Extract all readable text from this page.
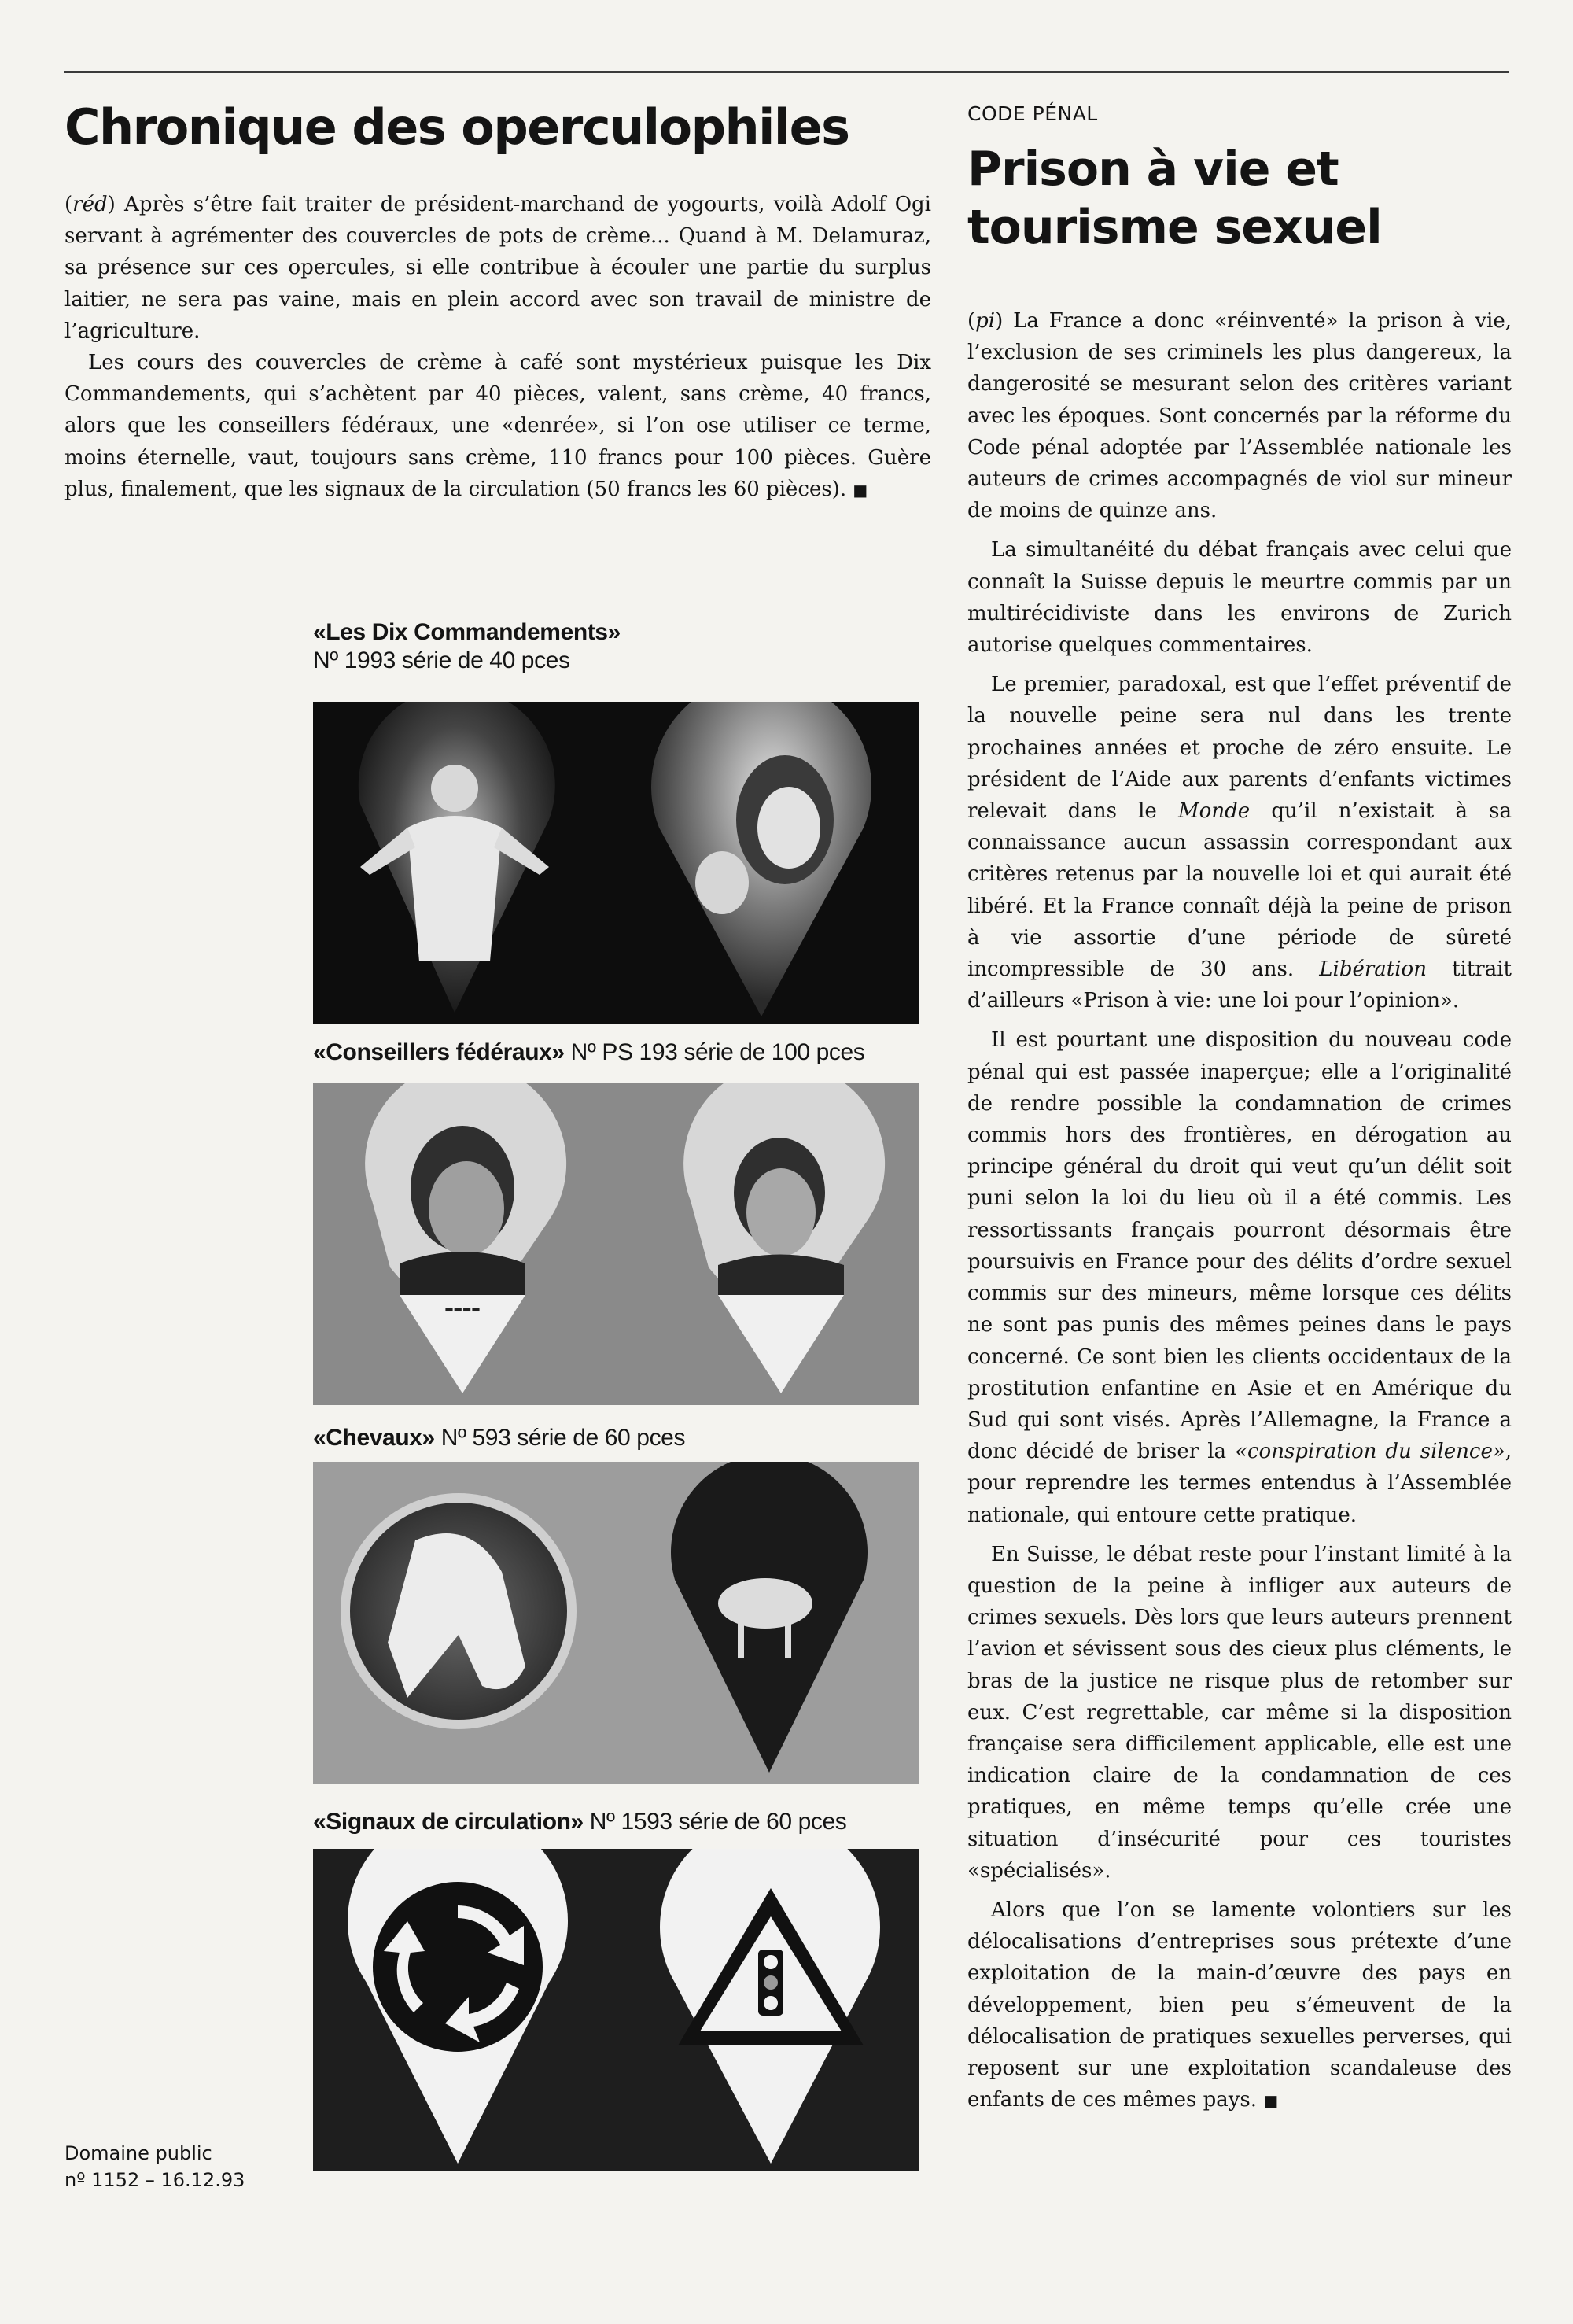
Chronique des operculophiles

(réd) Après s’être fait traiter de président-marchand de yogourts, voilà Adolf Ogi servant à agrémenter des couvercles de pots de crème... Quand à M. Delamuraz, sa présence sur ces opercules, si elle contribue à écouler une partie du surplus laitier, ne sera pas vaine, mais en plein accord avec son travail de ministre de l’agriculture.

Les cours des couvercles de crème à café sont mystérieux puisque les Dix Commandements, qui s’achètent par 40 pièces, valent, sans crème, 40 francs, alors que les conseillers fédéraux, une «denrée», si l’on ose utiliser ce terme, moins éternelle, vaut, toujours sans crème, 110 francs pour 100 pièces. Guère plus, finalement, que les signaux de la circulation (50 francs les 60 pièces). ■

«Les Dix Commandements»
Nº 1993 série de 40 pces
«Conseillers fédéraux» Nº PS 193 série de 100 pces
▬▬▬▬
«Chevaux» Nº 593 série de 60 pces
«Signaux de circulation» Nº 1593 série de 60 pces
Domaine public
nº 1152 – 16.12.93
CODE PÉNAL
Prison à vie et
tourisme sexuel

(pi) La France a donc «réinventé» la prison à vie, l’exclusion de ses criminels les plus dangereux, la dangerosité se mesurant selon des critères variant avec les époques. Sont concernés par la réforme du Code pénal adoptée par l’Assemblée nationale les auteurs de crimes accompagnés de viol sur mineur de moins de quinze ans.

La simultanéité du débat français avec celui que connaît la Suisse depuis le meurtre commis par un multirécidiviste dans les environs de Zurich autorise quelques commentaires.

Le premier, paradoxal, est que l’effet préventif de la nouvelle peine sera nul dans les trente prochaines années et proche de zéro ensuite. Le président de l’Aide aux parents d’enfants victimes relevait dans le Monde qu’il n’existait à sa connaissance aucun assassin correspondant aux critères retenus par la nouvelle loi et qui aurait été libéré. Et la France connaît déjà la peine de prison à vie assortie d’une période de sûreté incompressible de 30 ans. Libération titrait d’ailleurs «Prison à vie: une loi pour l’opinion».

Il est pourtant une disposition du nouveau code pénal qui est passée inaperçue; elle a l’originalité de rendre possible la condamnation de crimes commis hors des frontières, en dérogation au principe général du droit qui veut qu’un délit soit puni selon la loi du lieu où il a été commis. Les ressortissants français pourront désormais être poursuivis en France pour des délits d’ordre sexuel commis sur des mineurs, même lorsque ces délits ne sont pas punis des mêmes peines dans le pays concerné. Ce sont bien les clients occidentaux de la prostitution enfantine en Asie et en Amérique du Sud qui sont visés. Après l’Allemagne, la France a donc décidé de briser la «conspiration du silence», pour reprendre les termes entendus à l’Assemblée nationale, qui entoure cette pratique.

En Suisse, le débat reste pour l’instant limité à la question de la peine à infliger aux auteurs de crimes sexuels. Dès lors que leurs auteurs prennent l’avion et sévissent sous des cieux plus cléments, le bras de la justice ne risque plus de retomber sur eux. C’est regrettable, car même si la disposition française sera difficilement applicable, elle est une indication claire de la condamnation de ces pratiques, en même temps qu’elle crée une situation d’insécurité pour ces touristes «spécialisés».

Alors que l’on se lamente volontiers sur les délocalisations d’entreprises sous prétexte d’une exploitation de la main-d’œuvre des pays en développement, bien peu s’émeuvent de la délocalisation de pratiques sexuelles perverses, qui reposent sur une exploitation scandaleuse des enfants de ces mêmes pays. ■
